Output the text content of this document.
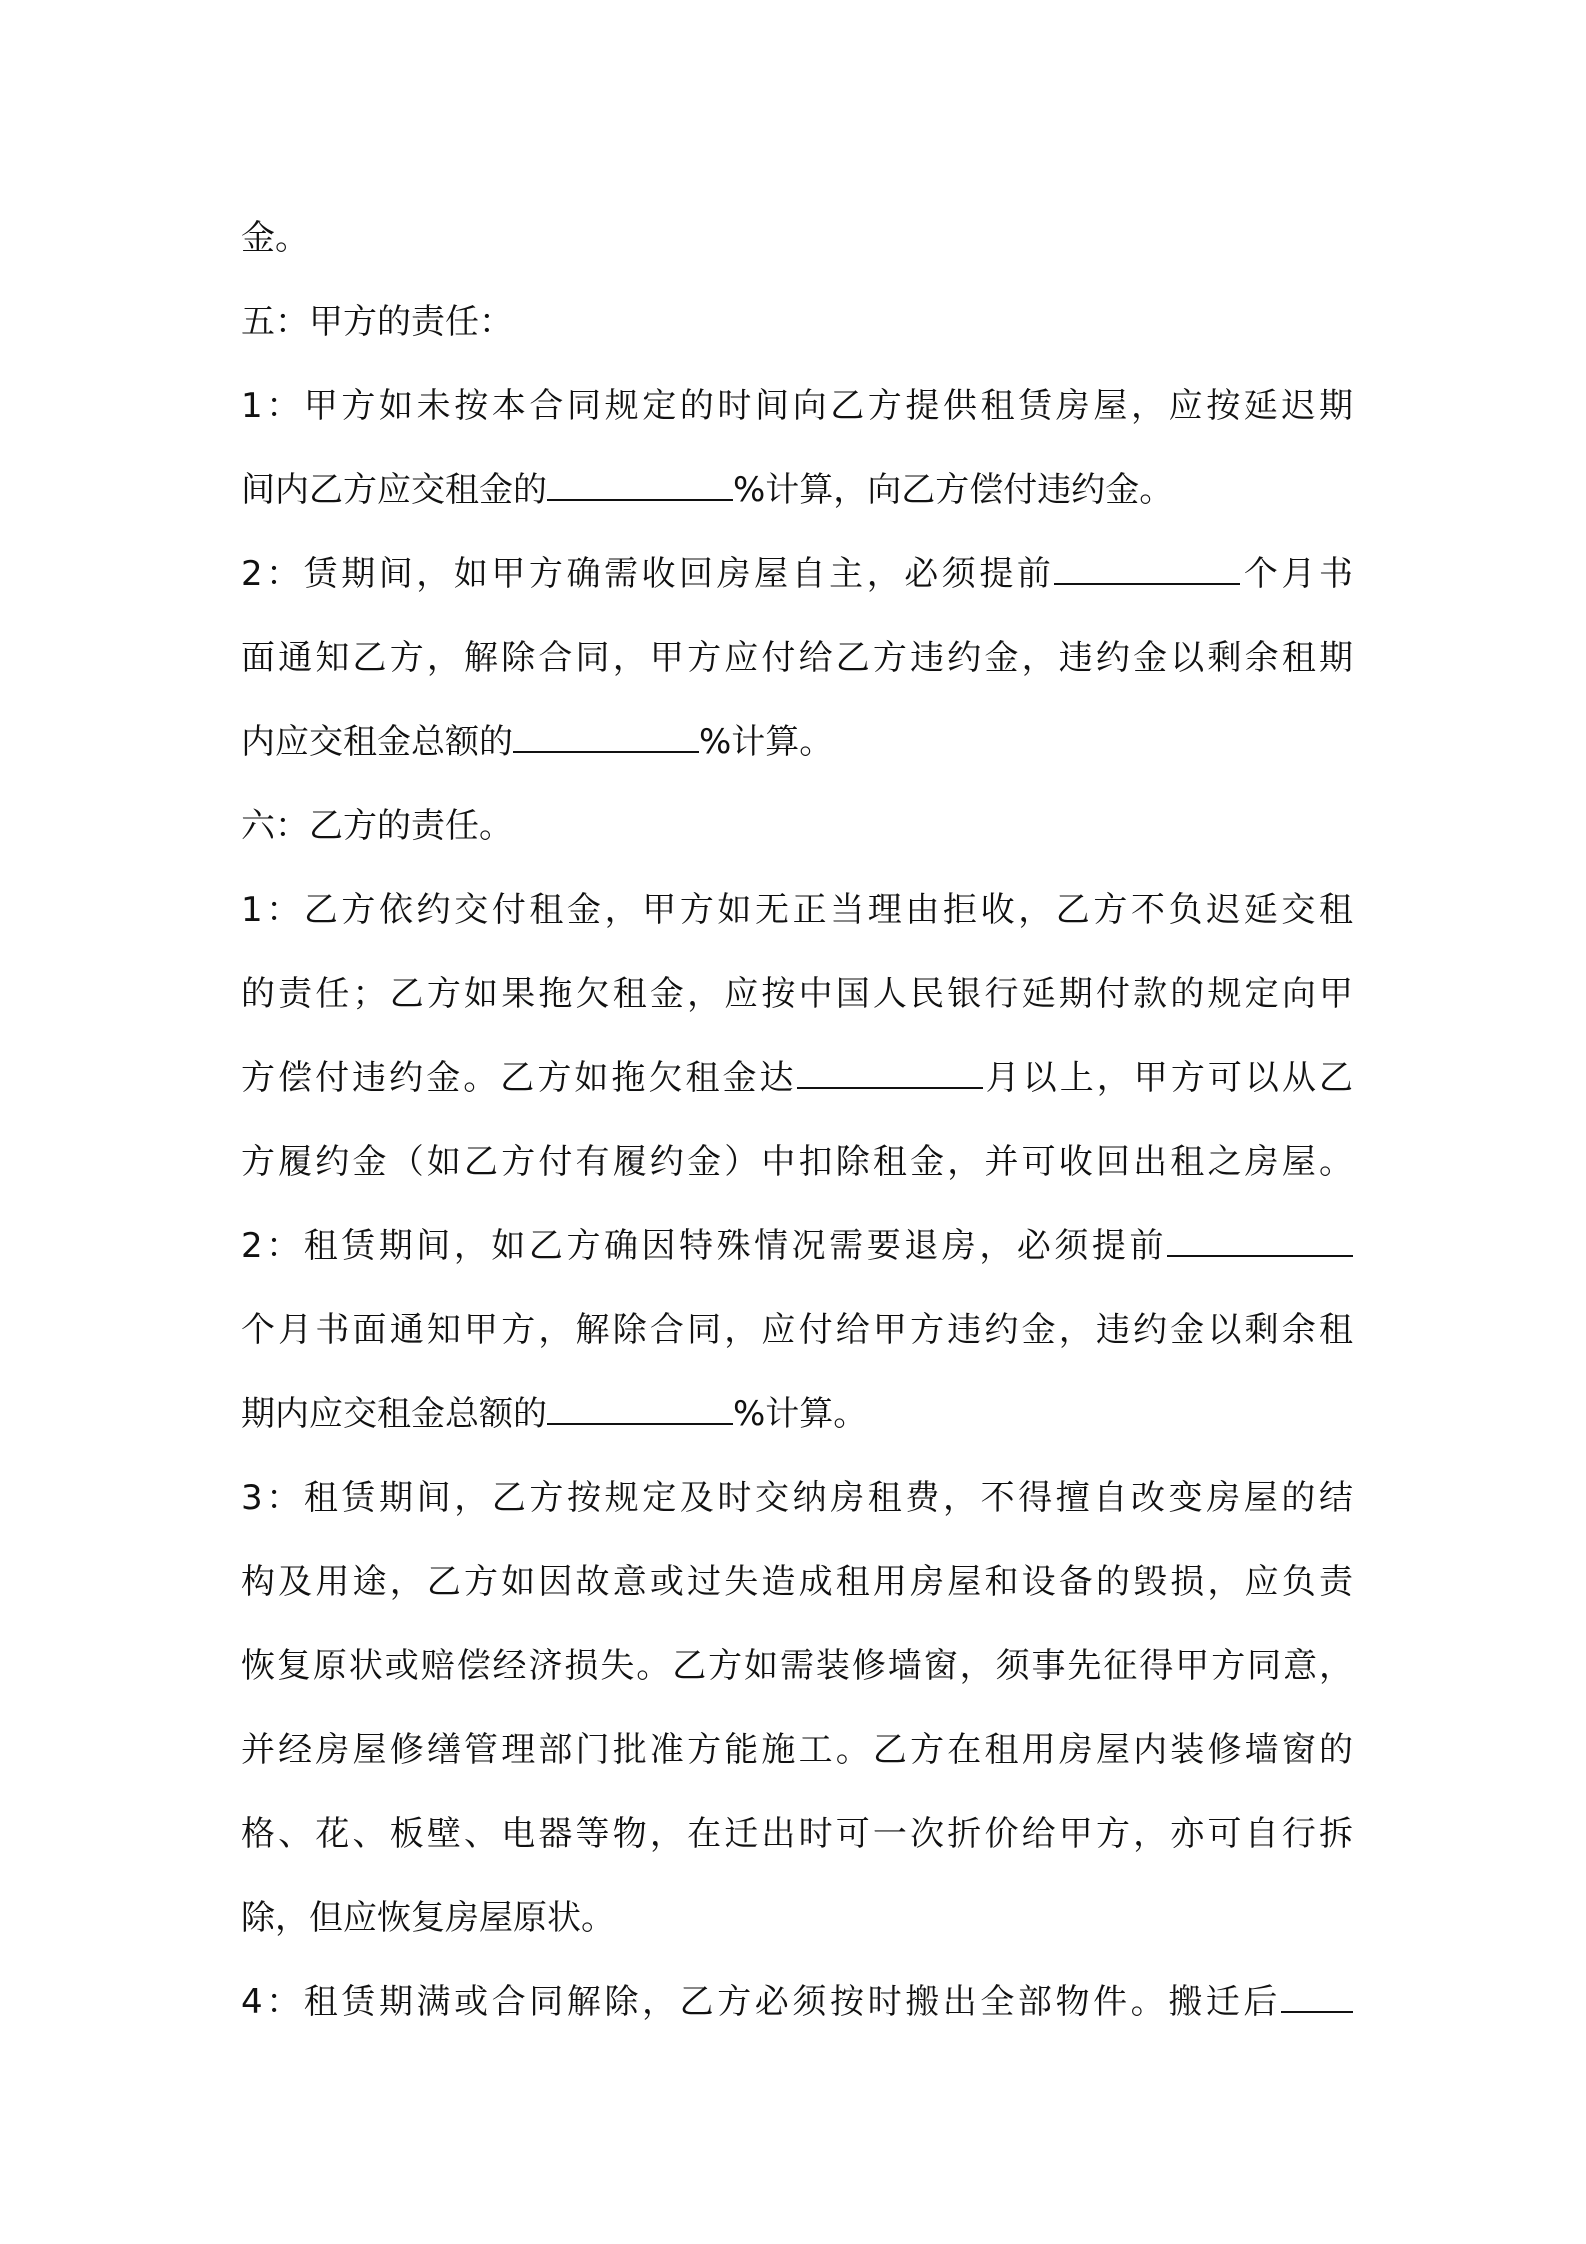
金。
五：甲方的责任：
1：甲方如未按本合同规定的时间向乙方提供租赁房屋，应按延迟期
间内乙方应交租金的	%计算，向乙方偿付违约金。
2：赁期间，如甲方确需收回房屋自主，必须提前	个月书
面通知乙方，解除合同，甲方应付给乙方违约金，违约金以剩余租期
内应交租金总额的	%计算。
六：乙方的责任。
1：乙方依约交付租金，甲方如无正当理由拒收，乙方不负迟延交租
的责任；乙方如果拖欠租金，应按中国人民银行延期付款的规定向甲
方偿付违约金。乙方如拖欠租金达	月以上，甲方可以从乙
方履约金（如乙方付有履约金）中扣除租金，并可收回出租之房屋。
2：租赁期间，如乙方确因特殊情况需要退房，必须提前
个月书面通知甲方，解除合同，应付给甲方违约金，违约金以剩余租
期内应交租金总额的	%计算。
3：租赁期间，乙方按规定及时交纳房租费，不得擅自改变房屋的结
构及用途，乙方如因故意或过失造成租用房屋和设备的毁损，应负责
恢复原状或赔偿经济损失。乙方如需装修墙窗，须事先征得甲方同意，
并经房屋修缮管理部门批准方能施工。乙方在租用房屋内装修墙窗的
格、花、板壁、电器等物，在迁出时可一次折价给甲方，亦可自行拆
除，但应恢复房屋原状。
4：租赁期满或合同解除，乙方必须按时搬出全部物件。搬迁后
